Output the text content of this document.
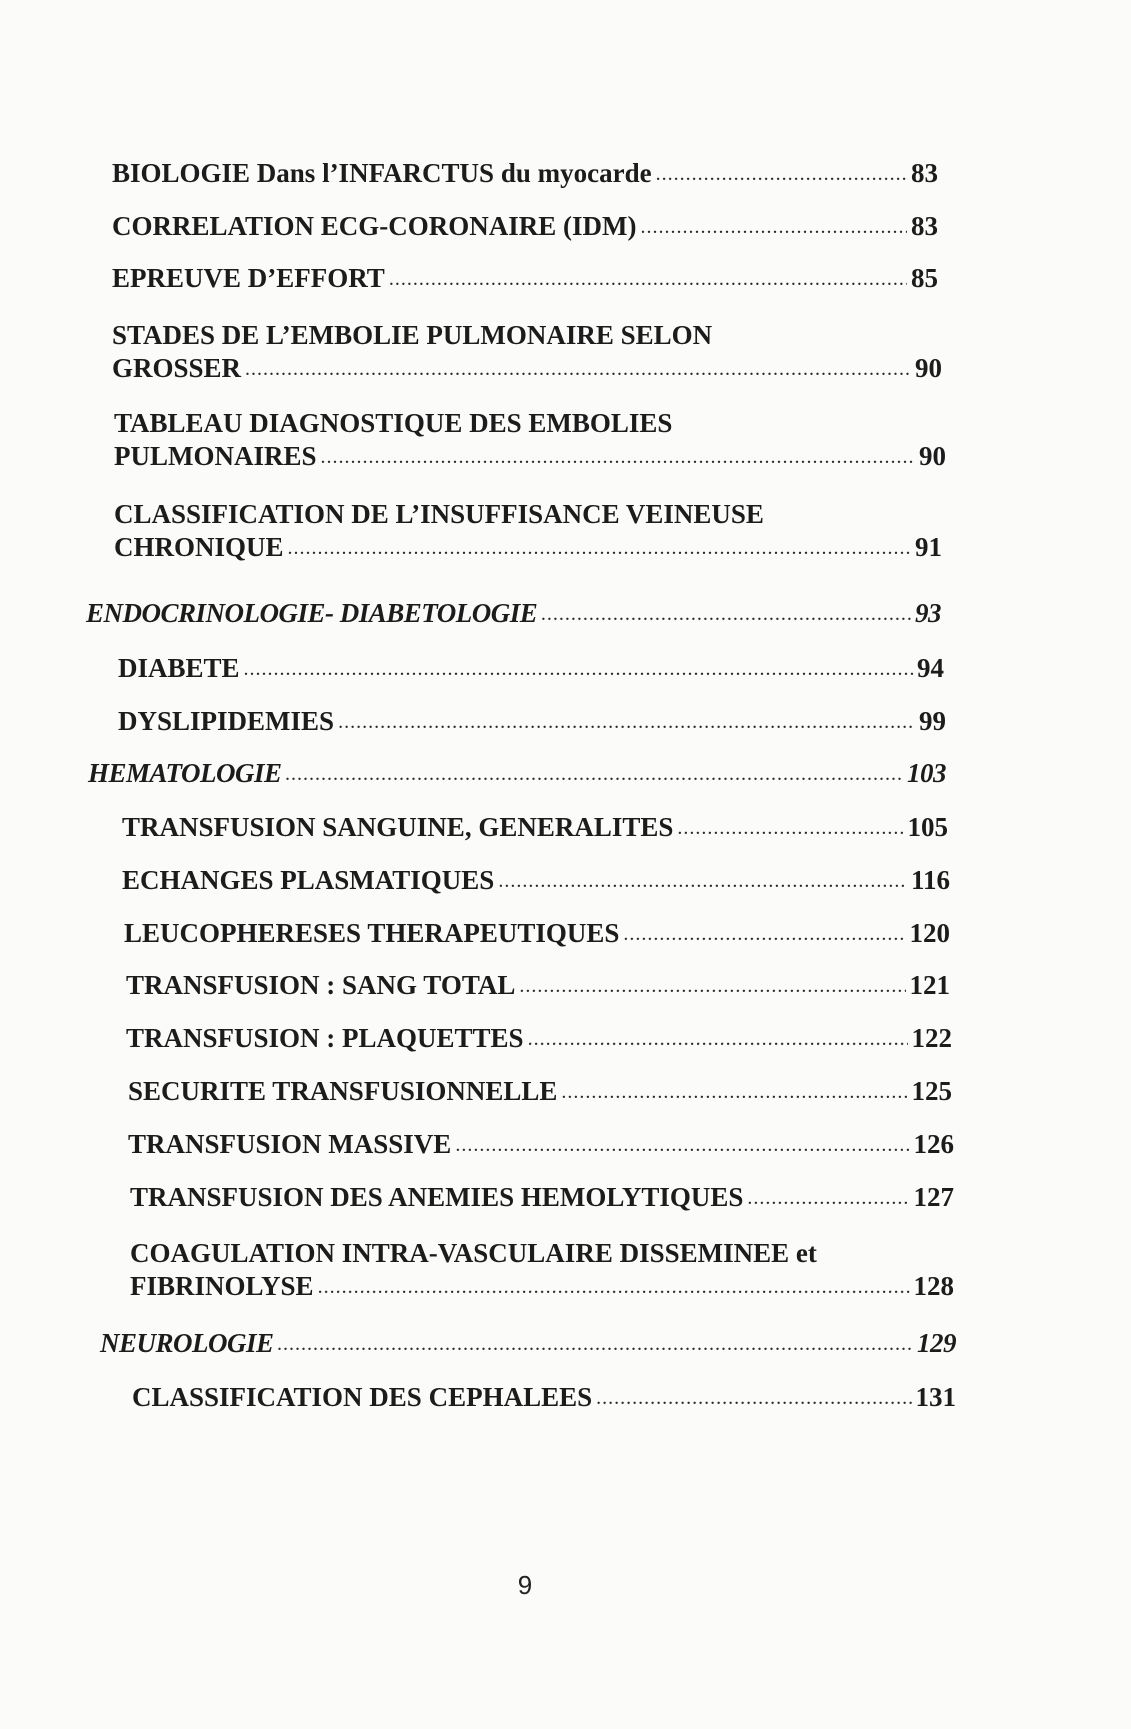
BIOLOGIE Dans l’INFARCTUS du myocarde .....	83
CORRELATION ECG-CORONAIRE (IDM) .....	83
EPREUVE D’EFFORT .....	85
STADES DE L’EMBOLIE PULMONAIRE SELON
GROSSER .....	90
TABLEAU DIAGNOSTIQUE DES EMBOLIES
PULMONAIRES .....	90
CLASSIFICATION DE L’INSUFFISANCE VEINEUSE
CHRONIQUE .....	91
ENDOCRINOLOGIE- DIABETOLOGIE .....	93
DIABETE .....	94
DYSLIPIDEMIES .....	99
HEMATOLOGIE .....	103
TRANSFUSION SANGUINE, GENERALITES .....	105
ECHANGES PLASMATIQUES .....	116
LEUCOPHERESES THERAPEUTIQUES .....	120
TRANSFUSION : SANG TOTAL .....	121
TRANSFUSION : PLAQUETTES .....	122
SECURITE TRANSFUSIONNELLE .....	125
TRANSFUSION MASSIVE .....	126
TRANSFUSION DES ANEMIES HEMOLYTIQUES .....	127
COAGULATION INTRA-VASCULAIRE DISSEMINEE et
FIBRINOLYSE .....	128
NEUROLOGIE .....	129
CLASSIFICATION DES CEPHALEES .....	131
9
